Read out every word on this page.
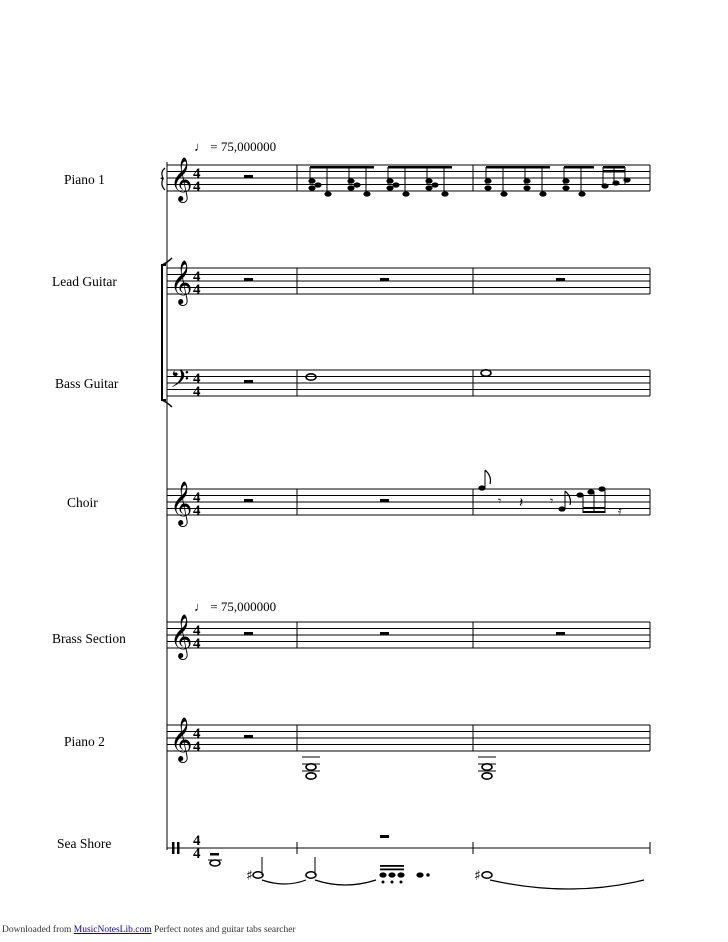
♩ = 75,000000
♩ = 75,000000
Piano 1
Lead Guitar
Bass Guitar
Choir
Brass Section
Piano 2
Sea Shore
𝄞
𝄞
𝄢
𝄞
𝄞
𝄞
4
4
4
4
4
4
4
4
4
4
4
4
4
4
𝄾 𝄽 𝄾
𝄿
♯	♯
Downloaded from MusicNotesLib.com Perfect notes and guitar tabs searcher
